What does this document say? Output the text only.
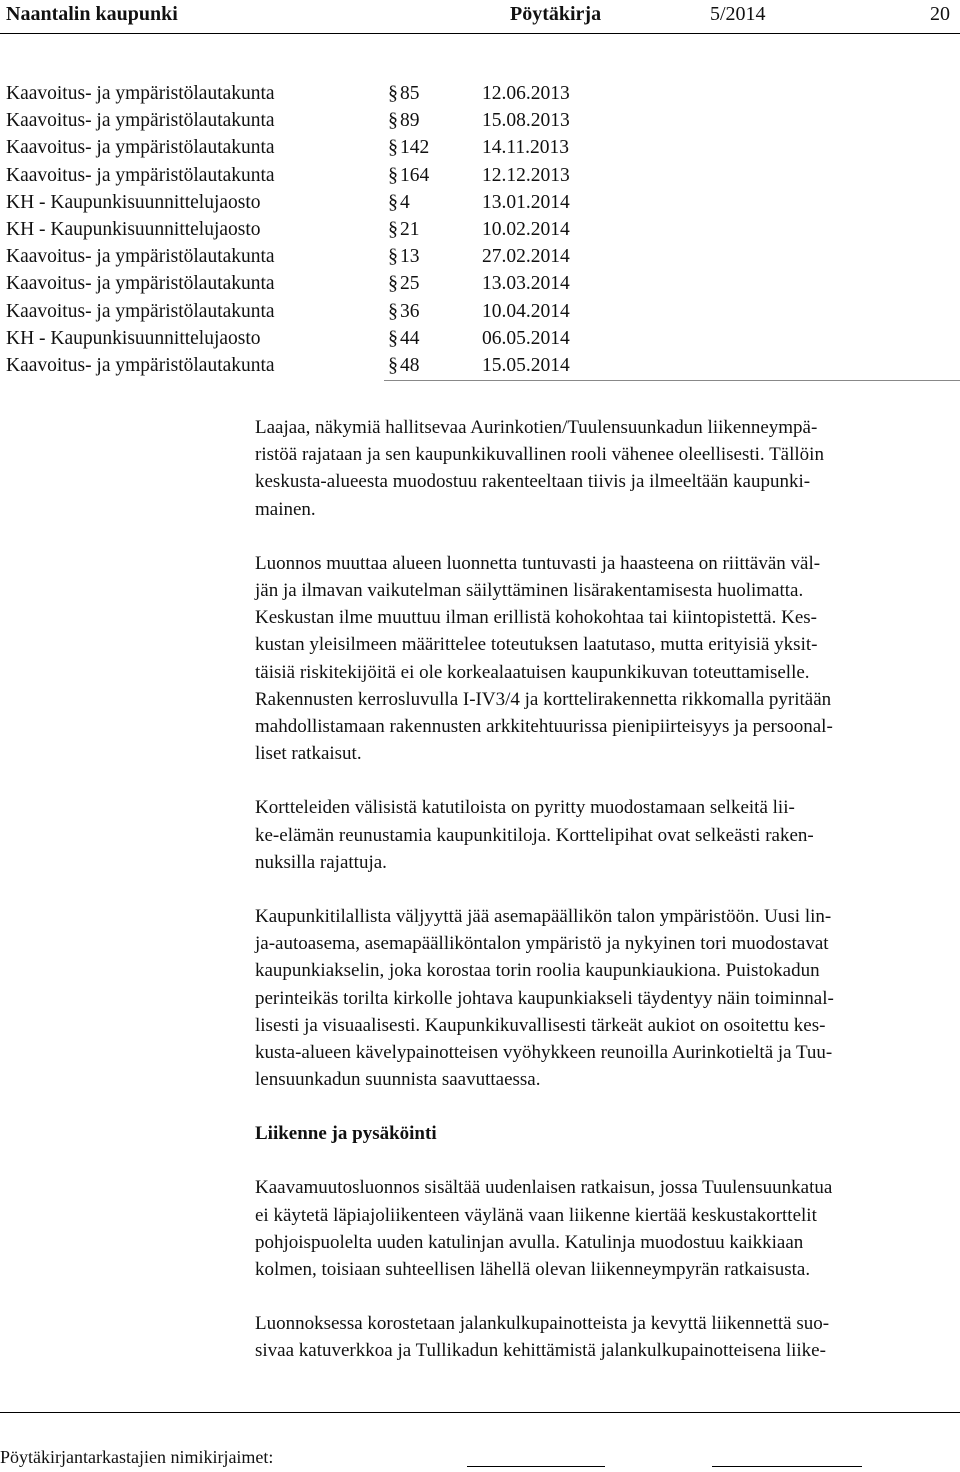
Naantalin kaupunki	Pöytäkirja	5/2014	20
Kaavoitus- ja ympäristölautakunta	§ 85	12.06.2013
Kaavoitus- ja ympäristölautakunta	§ 89	15.08.2013
Kaavoitus- ja ympäristölautakunta	§ 142	14.11.2013
Kaavoitus- ja ympäristölautakunta	§ 164	12.12.2013
KH - Kaupunkisuunnittelujaosto	§ 4	13.01.2014
KH - Kaupunkisuunnittelujaosto	§ 21	10.02.2014
Kaavoitus- ja ympäristölautakunta	§ 13	27.02.2014
Kaavoitus- ja ympäristölautakunta	§ 25	13.03.2014
Kaavoitus- ja ympäristölautakunta	§ 36	10.04.2014
KH - Kaupunkisuunnittelujaosto	§ 44	06.05.2014
Kaavoitus- ja ympäristölautakunta	§ 48	15.05.2014

Laajaa, näkymiä hallitsevaa Aurinkotien/Tuulensuunkadun liikenneympä-
ristöä rajataan ja sen kaupunkikuvallinen rooli vähenee oleellisesti. Tällöin
keskusta-alueesta muodostuu rakenteeltaan tiivis ja ilmeeltään kaupunki-
mainen.

Luonnos muuttaa alueen luonnetta tuntuvasti ja haasteena on riittävän väl-
jän ja ilmavan vaikutelman säilyttäminen lisärakentamisesta huolimatta.
Keskustan ilme muuttuu ilman erillistä kohokohtaa tai kiintopistettä. Kes-
kustan yleisilmeen määrittelee toteutuksen laatutaso, mutta erityisiä yksit-
täisiä riskitekijöitä ei ole korkealaatuisen kaupunkikuvan toteuttamiselle.
Rakennusten kerrosluvulla I-IV3/4 ja korttelirakennetta rikkomalla pyritään
mahdollistamaan rakennusten arkkitehtuurissa pienipiirteisyys ja persoonal-
liset ratkaisut.

Kortteleiden välisistä katutiloista on pyritty muodostamaan selkeitä lii-
ke-elämän reunustamia kaupunkitiloja. Korttelipihat ovat selkeästi raken-
nuksilla rajattuja.

Kaupunkitilallista väljyyttä jää asemapäällikön talon ympäristöön. Uusi lin-
ja-autoasema, asemapäälliköntalon ympäristö ja nykyinen tori muodostavat
kaupunkiakselin, joka korostaa torin roolia kaupunkiaukiona. Puistokadun
perinteikäs torilta kirkolle johtava kaupunkiakseli täydentyy näin toiminnal-
lisesti ja visuaalisesti. Kaupunkikuvallisesti tärkeät aukiot on osoitettu kes-
kusta-alueen kävelypainotteisen vyöhykkeen reunoilla Aurinkotieltä ja Tuu-
lensuunkadun suunnista saavuttaessa.

Liikenne ja pysäköinti

Kaavamuutosluonnos sisältää uudenlaisen ratkaisun, jossa Tuulensuunkatua
ei käytetä läpiajoliikenteen väylänä vaan liikenne kiertää keskustakorttelit
pohjoispuolelta uuden katulinjan avulla. Katulinja muodostuu kaikkiaan
kolmen, toisiaan suhteellisen lähellä olevan liikenneympyrän ratkaisusta.

Luonnoksessa korostetaan jalankulkupainotteista ja kevyttä liikennettä suo-
sivaa katuverkkoa ja Tullikadun kehittämistä jalankulkupainotteisena liike-

Pöytäkirjantarkastajien nimikirjaimet:
